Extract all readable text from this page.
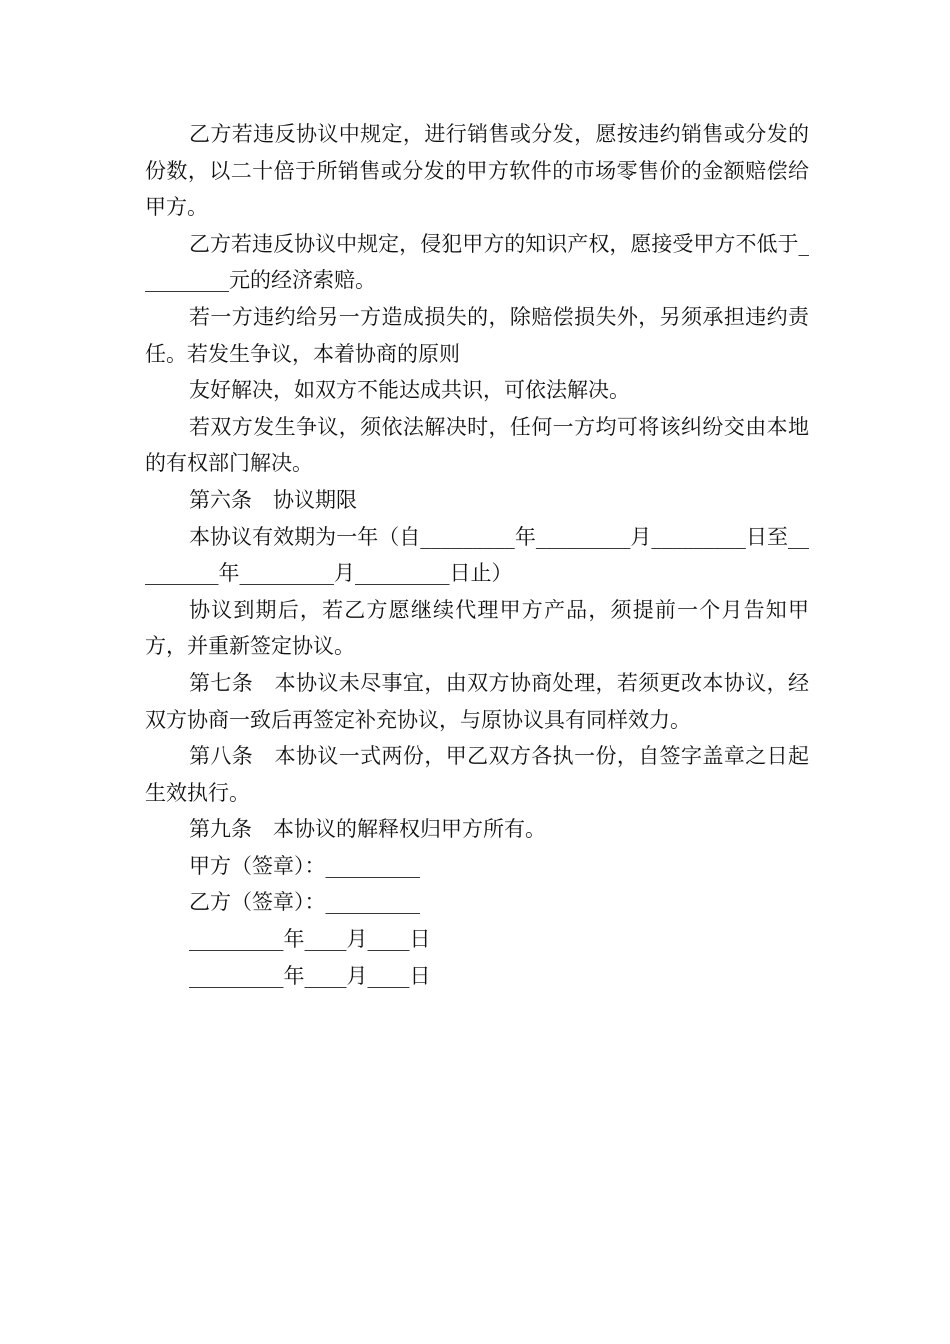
乙方若违反协议中规定，进行销售或分发，愿按违约销售或分发的份数，以二十倍于所销售或分发的甲方软件的市场零售价的金额赔偿给甲方。

乙方若违反协议中规定，侵犯甲方的知识产权，愿接受甲方不低于_________元的经济索赔。

若一方违约给另一方造成损失的，除赔偿损失外，另须承担违约责任。若发生争议，本着协商的原则

友好解决，如双方不能达成共识，可依法解决。

若双方发生争议，须依法解决时，任何一方均可将该纠纷交由本地的有权部门解决。

第六条　协议期限

本协议有效期为一年（自_________年_________月_________日至_________年_________月_________日止）

协议到期后，若乙方愿继续代理甲方产品，须提前一个月告知甲方，并重新签定协议。

第七条　本协议未尽事宜，由双方协商处理，若须更改本协议，经双方协商一致后再签定补充协议，与原协议具有同样效力。

第八条　本协议一式两份，甲乙双方各执一份，自签字盖章之日起生效执行。

第九条　本协议的解释权归甲方所有。

甲方（签章）：_________

乙方（签章）：_________

_________年____月____日

_________年____月____日
